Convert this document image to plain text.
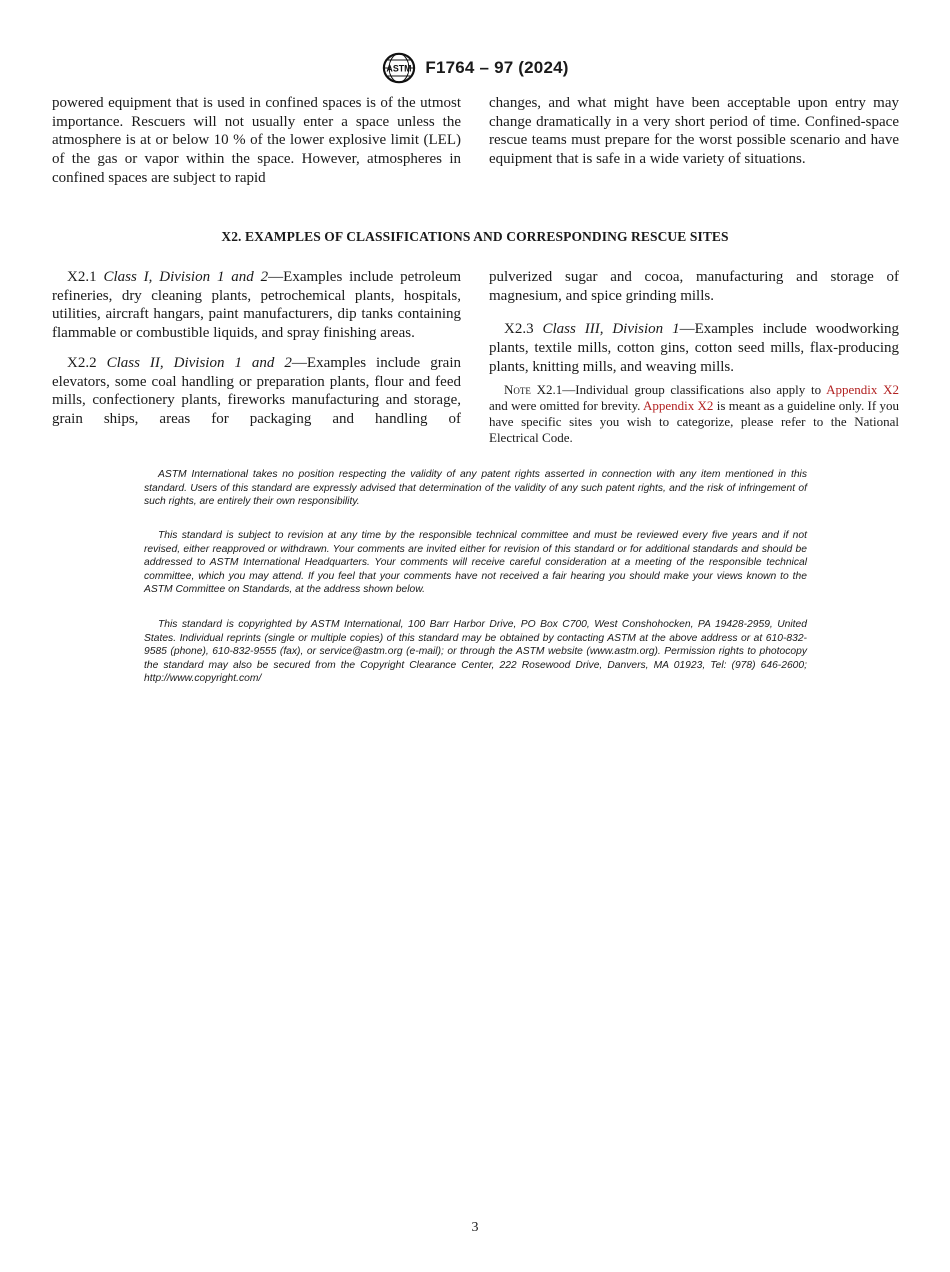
ASTM F1764 – 97 (2024)

powered equipment that is used in confined spaces is of the utmost importance. Rescuers will not usually enter a space unless the atmosphere is at or below 10 % of the lower explosive limit (LEL) of the gas or vapor within the space. However, atmospheres in confined spaces are subject to rapid

changes, and what might have been acceptable upon entry may change dramatically in a very short period of time. Confined-space rescue teams must prepare for the worst possible scenario and have equipment that is safe in a wide variety of situations.

X2. EXAMPLES OF CLASSIFICATIONS AND CORRESPONDING RESCUE SITES

X2.1 Class I, Division 1 and 2—Examples include petroleum refineries, dry cleaning plants, petrochemical plants, hospitals, utilities, aircraft hangars, paint manufacturers, dip tanks containing flammable or combustible liquids, and spray finishing areas.

X2.2 Class II, Division 1 and 2—Examples include grain elevators, some coal handling or preparation plants, flour and feed mills, confectionery plants, fireworks manufacturing and storage, grain ships, areas for packaging and handling of

pulverized sugar and cocoa, manufacturing and storage of magnesium, and spice grinding mills.

X2.3 Class III, Division 1—Examples include woodworking plants, textile mills, cotton gins, cotton seed mills, flax-producing plants, knitting mills, and weaving mills.

Note X2.1—Individual group classifications also apply to Appendix X2 and were omitted for brevity. Appendix X2 is meant as a guideline only. If you have specific sites you wish to categorize, please refer to the National Electrical Code.

ASTM International takes no position respecting the validity of any patent rights asserted in connection with any item mentioned in this standard. Users of this standard are expressly advised that determination of the validity of any such patent rights, and the risk of infringement of such rights, are entirely their own responsibility.

This standard is subject to revision at any time by the responsible technical committee and must be reviewed every five years and if not revised, either reapproved or withdrawn. Your comments are invited either for revision of this standard or for additional standards and should be addressed to ASTM International Headquarters. Your comments will receive careful consideration at a meeting of the responsible technical committee, which you may attend. If you feel that your comments have not received a fair hearing you should make your views known to the ASTM Committee on Standards, at the address shown below.

This standard is copyrighted by ASTM International, 100 Barr Harbor Drive, PO Box C700, West Conshohocken, PA 19428-2959, United States. Individual reprints (single or multiple copies) of this standard may be obtained by contacting ASTM at the above address or at 610-832-9585 (phone), 610-832-9555 (fax), or service@astm.org (e-mail); or through the ASTM website (www.astm.org). Permission rights to photocopy the standard may also be secured from the Copyright Clearance Center, 222 Rosewood Drive, Danvers, MA 01923, Tel: (978) 646-2600; http://www.copyright.com/

3
